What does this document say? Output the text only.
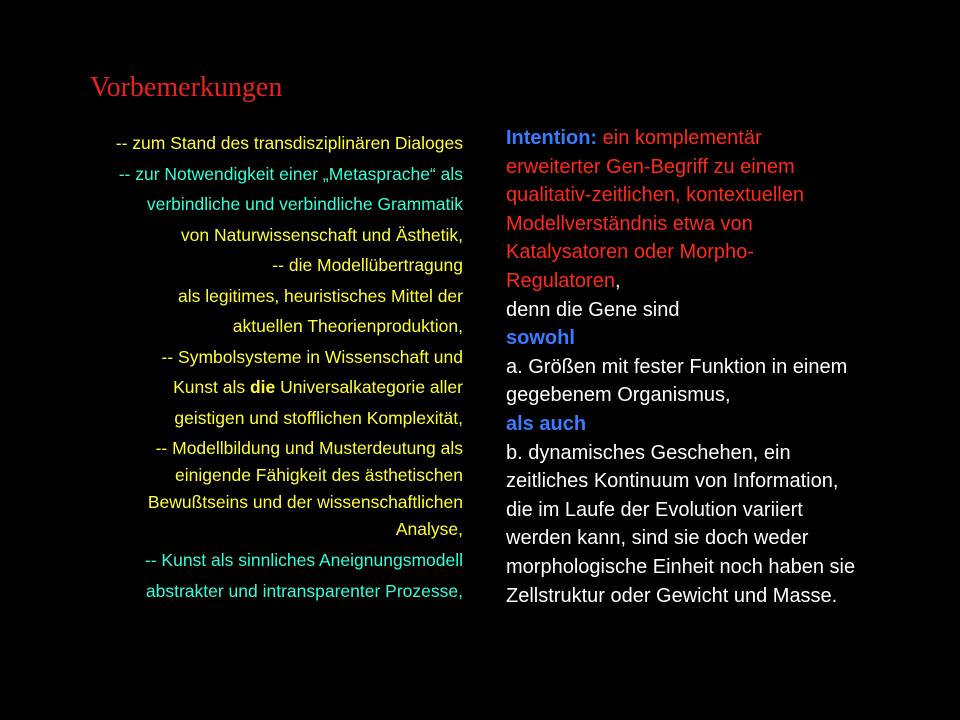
Vorbemerkungen
-- zum Stand des transdisziplinären Dialoges
-- zur Notwendigkeit einer „Metasprache“ als
verbindliche und verbindliche Grammatik
von Naturwissenschaft und Ästhetik,
-- die Modellübertragung
als legitimes, heuristisches Mittel der
aktuellen Theorienproduktion,
-- Symbolsysteme in Wissenschaft und
Kunst als die Universalkategorie aller
geistigen und stofflichen Komplexität,
-- Modellbildung und Musterdeutung als
einigende Fähigkeit des ästhetischen
Bewußtseins und der wissenschaftlichen
Analyse,
-- Kunst als sinnliches Aneignungsmodell
abstrakter und intransparenter Prozesse,
Intention: ein komplementär
erweiterter Gen-Begriff zu einem
qualitativ-zeitlichen, kontextuellen
Modellverständnis etwa von
Katalysatoren oder Morpho-
Regulatoren,
denn die Gene sind
sowohl
a. Größen mit fester Funktion in einem
gegebenem Organismus,
als auch
b. dynamisches Geschehen, ein
zeitliches Kontinuum von Information,
die im Laufe der Evolution variiert
werden kann, sind sie doch weder
morphologische Einheit noch haben sie
Zellstruktur oder Gewicht und Masse.
